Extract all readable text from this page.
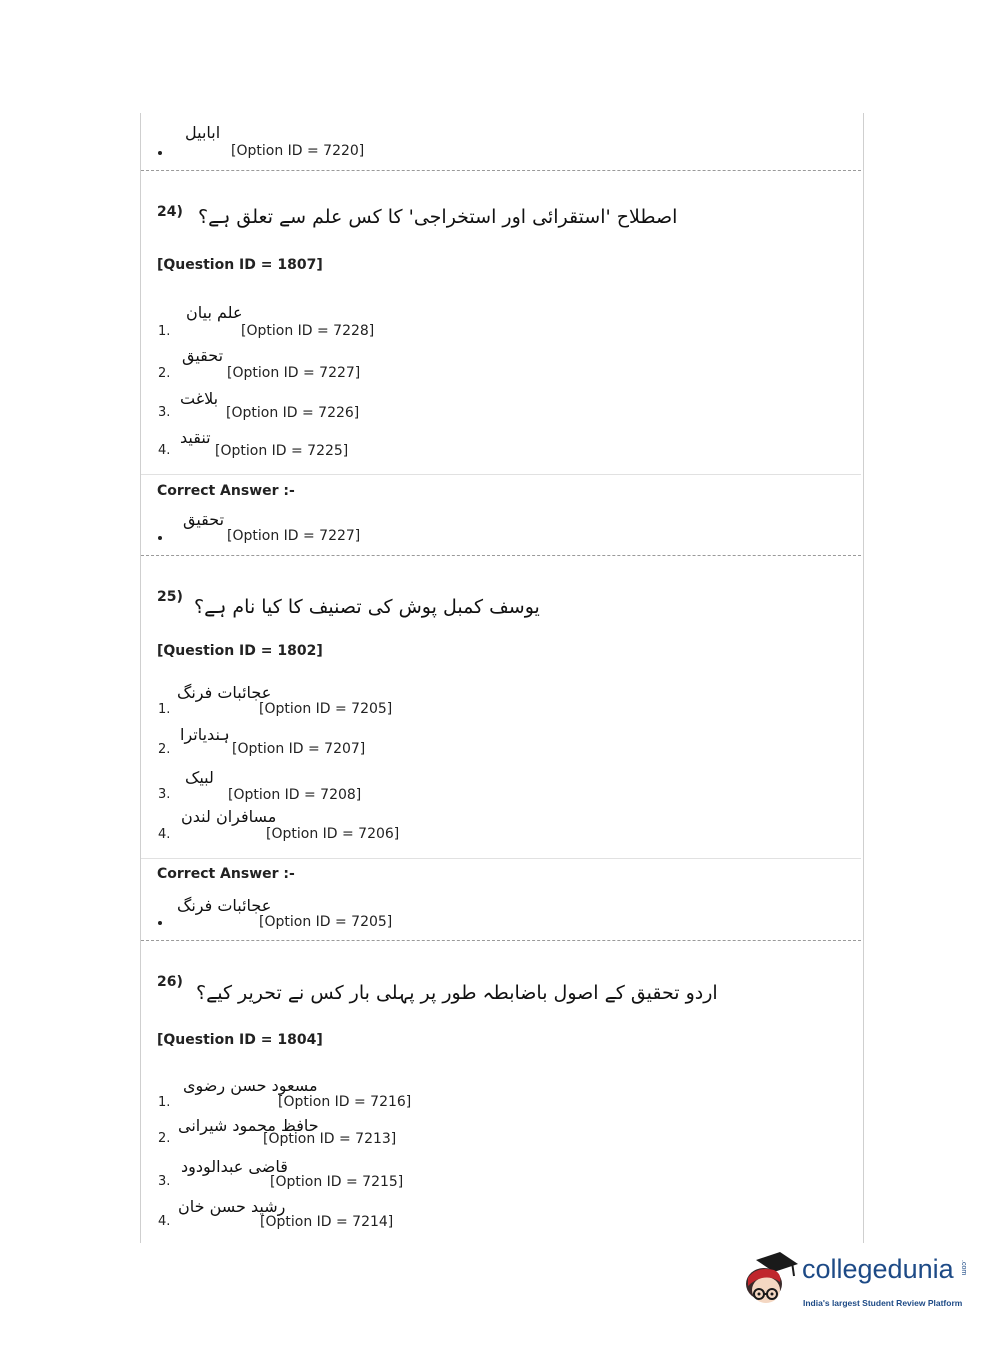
ابابیل
[Option ID = 7220]
24) اصطلاح 'استقرائی اور استخراجی' کا کس علم سے تعلق ہے؟
[Question ID = 1807]
1.
علم بیان
[Option ID = 7228]
2.
تحقیق
[Option ID = 7227]
3.
بلاغت
[Option ID = 7226]
4.
تنقید
[Option ID = 7225]
Correct Answer :-
تحقیق
[Option ID = 7227]
25) یوسف کمبل پوش کی تصنیف کا کیا نام ہے؟
[Question ID = 1802]
1.
عجائبات فرنگ
[Option ID = 7205]
2.
ہندیاترا
[Option ID = 7207]
3.
لبیک
[Option ID = 7208]
4.
مسافران لندن
[Option ID = 7206]
Correct Answer :-
عجائبات فرنگ
[Option ID = 7205]
26) اردو تحقیق کے اصول باضابطہ طور پر پہلی بار کس نے تحریر کیے؟
[Question ID = 1804]
1.
مسعود حسن رضوی
[Option ID = 7216]
2.
حافظ محمود شیرانی
[Option ID = 7213]
3.
قاضی عبدالودود
[Option ID = 7215]
4.
رشید حسن خان
[Option ID = 7214]
collegedunia .com
India's largest Student Review Platform
